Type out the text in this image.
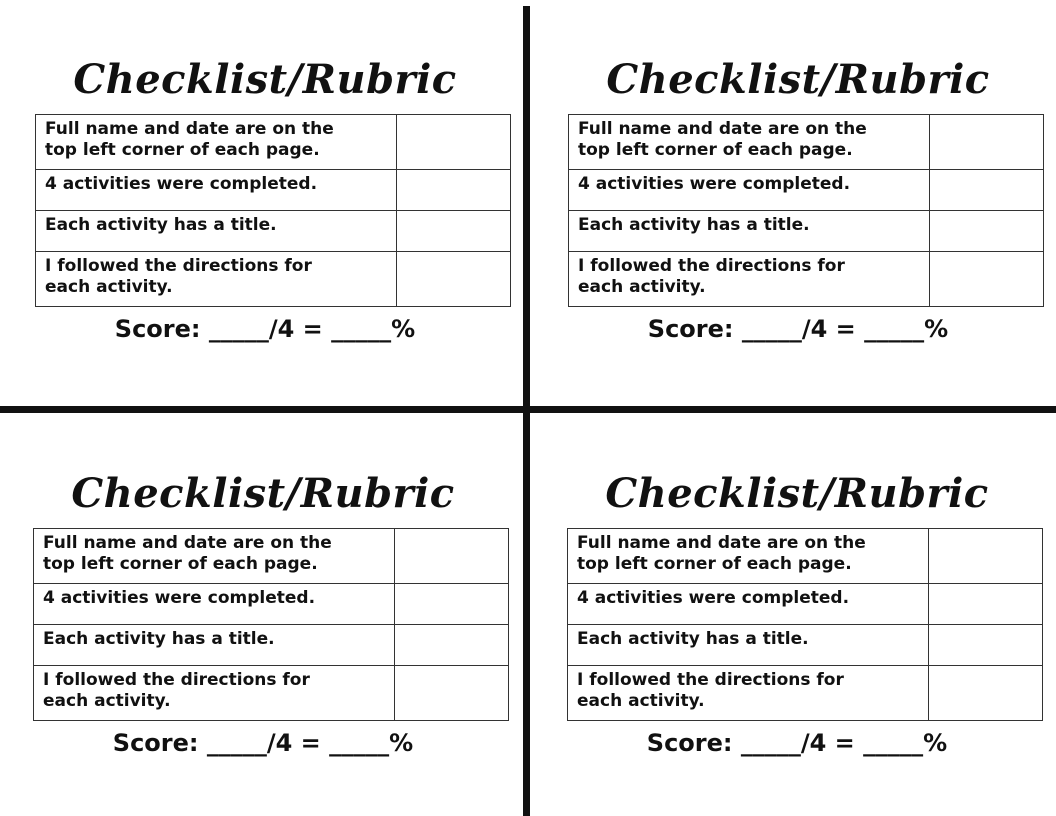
Checklist/Rubric
Full name and date are on the
top left corner of each page.	
4 activities were completed.	
Each activity has a title.	
I followed the directions for
each activity.	
Score: _____/4 = _____%
Checklist/Rubric
Full name and date are on the
top left corner of each page.	
4 activities were completed.	
Each activity has a title.	
I followed the directions for
each activity.	
Score: _____/4 = _____%
Checklist/Rubric
Full name and date are on the
top left corner of each page.	
4 activities were completed.	
Each activity has a title.	
I followed the directions for
each activity.	
Score: _____/4 = _____%
Checklist/Rubric
Full name and date are on the
top left corner of each page.	
4 activities were completed.	
Each activity has a title.	
I followed the directions for
each activity.	
Score: _____/4 = _____%
